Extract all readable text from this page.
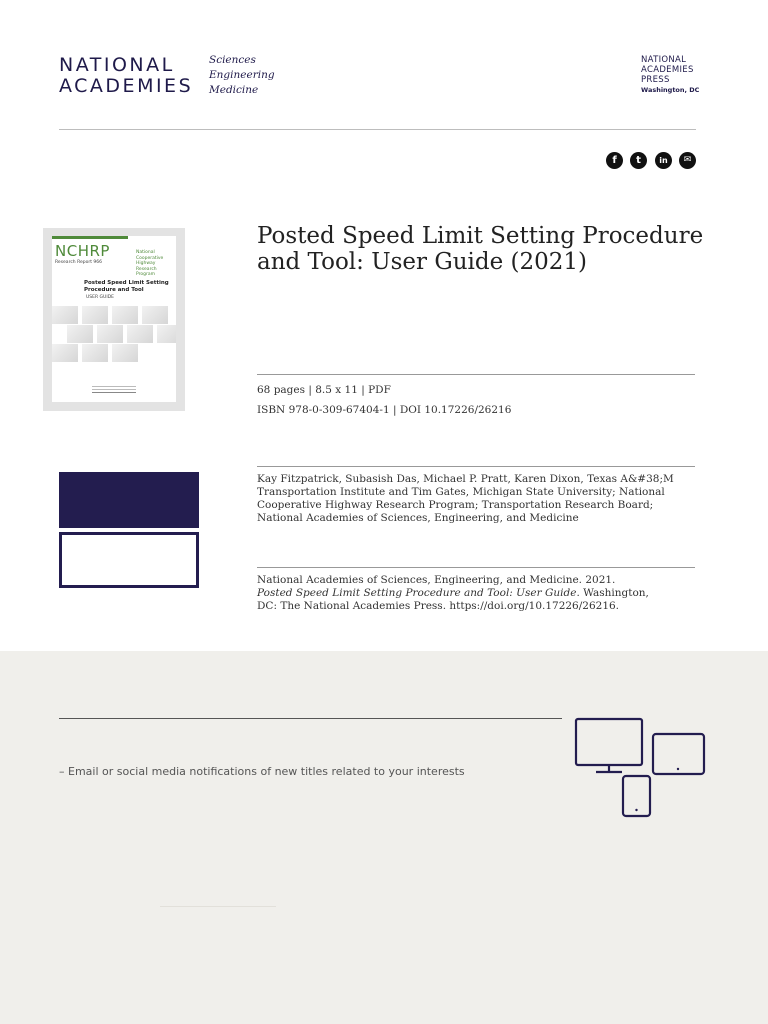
NATIONAL
ACADEMIES
Sciences
Engineering
Medicine
NATIONAL
ACADEMIES
PRESS
Washington, DC
f	t	in	✉
NCHRP
Research Report 966
National Cooperative Highway Research Program
Posted Speed Limit Setting
Procedure and Tool
USER GUIDE
Posted Speed Limit Setting Procedure and Tool: User Guide (2021)
68 pages | 8.5 x 11 | PDF
ISBN 978-0-309-67404-1 | DOI 10.17226/26216
Kay Fitzpatrick, Subasish Das, Michael P. Pratt, Karen Dixon, Texas A&#38;M Transportation Institute and Tim Gates, Michigan State University; National Cooperative Highway Research Program; Transportation Research Board; National Academies of Sciences, Engineering, and Medicine
National Academies of Sciences, Engineering, and Medicine. 2021. Posted Speed Limit Setting Procedure and Tool: User Guide. Washington, DC: The National Academies Press. https://doi.org/10.17226/26216.
– Email or social media notifications of new titles related to your interests
